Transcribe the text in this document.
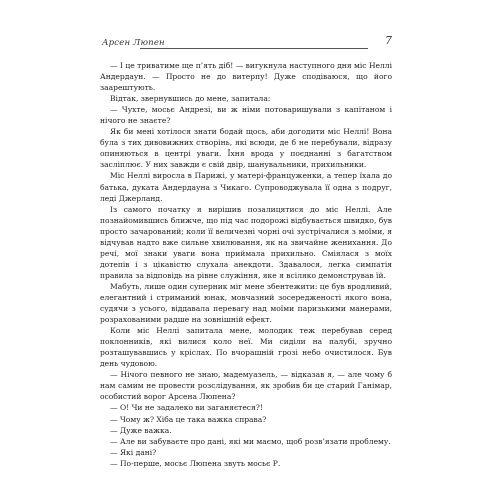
Арсен Люпен	7

— І це триватиме ще п’ять діб! — вигукнула наступного дня міс Неллі Андердаун. — Просто не до витерпу! Дуже сподіваюся, що його заарештують.

Відтак, звернувшись до мене, запитала:

— Чухте, мосьє Андрезі, ви ж німи потоваришували з капітаном і нічого не знаєте?

Як би мені хотілося знати бодай щось, аби догодити міс Неллі! Вона була з тих дивовижних створінь, які всюди, де б не перебували, відразу опиняються в центрі уваги. Їхня врода у поєднанні з багатством засліплює. У них завжди є свій двір, шанувальники, прихильники.

Міс Неллі виросла в Парижі, у матері-француженки, а тепер їхала до батька, дуката Андердауна з Чикаго. Супроводжувала її одна з подруг, леді Джерланд.

Із самого початку я вирішив позалицятися до міс Неллі. Але познайомившись ближче, що під час подорожі відбувається швидко, був просто зачарований; коли її величезні чорні очі зустрічалися з моїми, я відчував надто вже сильне хвилювання, як на звичайне женихання. До речі, мої знаки уваги вона приймала прихильно. Сміялася з моїх дотепів і з цікавістю слухала анекдоти. Здавалося, легка симпатія правила за відповідь на рівне служіння, яке я всіляко демонстрував їй.

Мабуть, лише один суперник міг мене збентежити: це був вродливий, елегантний і стриманий юнак, мовчазний зосередженості якого вона, судячи з усього, віддавала перевагу над моїми паризькими манерами, розрахованими радше на зовнішній ефект.

Коли міс Неллі запитала мене, молодик теж перебував серед поклонників, які вилися коло неї. Ми сиділи на палубі, зручно розташувавшись у кріслах. По вчорашній грозі небо очистилося. Був день чудовою.

— Нічого певного не знаю, мадемуазель, — відказав я, — але чому б нам самим не провести розслідування, як зробив би це старий Ганімар, особистий ворог Арсена Люпена?

— О! Чи не задалеко ви заганяєтеся?!

— Чому ж? Хіба це така важка справа?

— Дуже важка.

— Але ви забуваєте про дані, які ми маємо, щоб розв’язати проблему.

— Які дані?

— По-перше, мосьє Люпена звуть мосьє Р.
